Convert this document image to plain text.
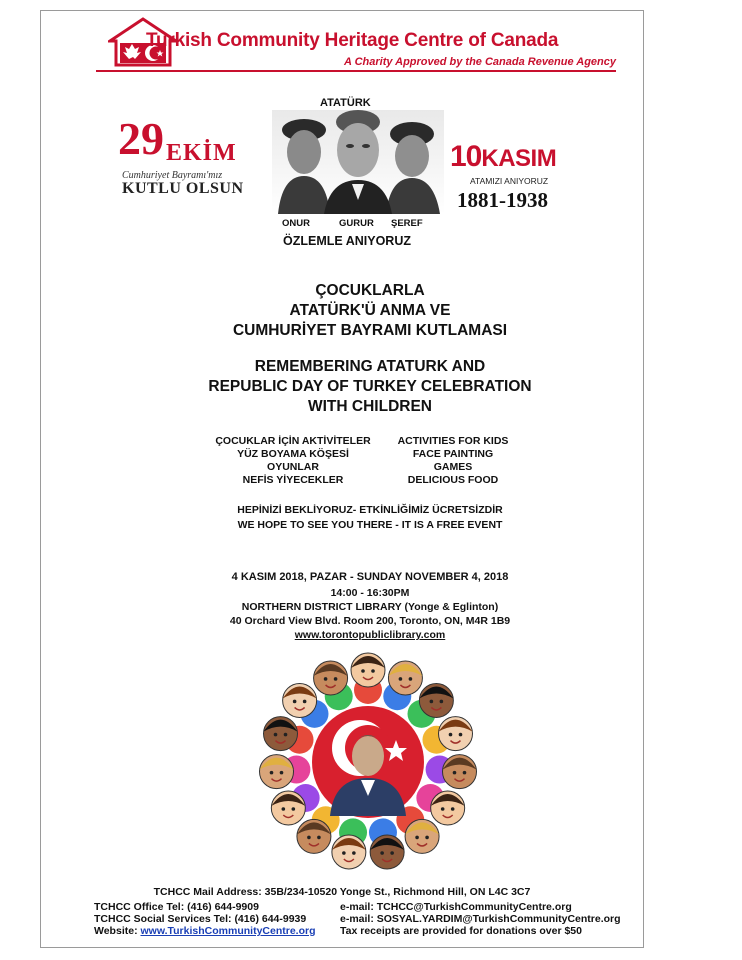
Turkish Community Heritage Centre of Canada
A Charity Approved by the Canada Revenue Agency
29 EKİM
Cumhuriyet Bayramı'mız
KUTLU OLSUN
ATATÜRK
ONUR	GURUR ŞEREF
ÖZLEMLE ANIYORUZ
10KASIM
ATAMIZI ANIYORUZ
1881-1938
ÇOCUKLARLA
ATATÜRK'Ü ANMA VE
CUMHURİYET BAYRAMI KUTLAMASI
REMEMBERING ATATURK AND
REPUBLIC DAY OF TURKEY CELEBRATION
WITH CHILDREN
ÇOCUKLAR İÇİN AKTİVİTELER
YÜZ BOYAMA KÖŞESİ
OYUNLAR
NEFİS YİYECEKLER
ACTIVITIES FOR KIDS
FACE PAINTING
GAMES
DELICIOUS FOOD
HEPİNİZİ BEKLİYORUZ- ETKİNLİĞİMİZ ÜCRETSİZDİR
WE HOPE TO SEE YOU THERE - IT IS A FREE EVENT
4 KASIM 2018, PAZAR - SUNDAY NOVEMBER 4, 2018
14:00 - 16:30PM
NORTHERN DISTRICT LIBRARY (Yonge & Eglinton)
40 Orchard View Blvd. Room 200, Toronto, ON, M4R 1B9
www.torontopubliclibrary.com
TCHCC Mail Address: 35B/234-10520 Yonge St., Richmond Hill, ON L4C 3C7
TCHCC Office Tel: (416) 644-9909
TCHCC Social Services Tel: (416) 644-9939
Website: www.TurkishCommunityCentre.org
e-mail: TCHCC@TurkishCommunityCentre.org
e-mail: SOSYAL.YARDIM@TurkishCommunityCentre.org
Tax receipts are provided for donations over $50
